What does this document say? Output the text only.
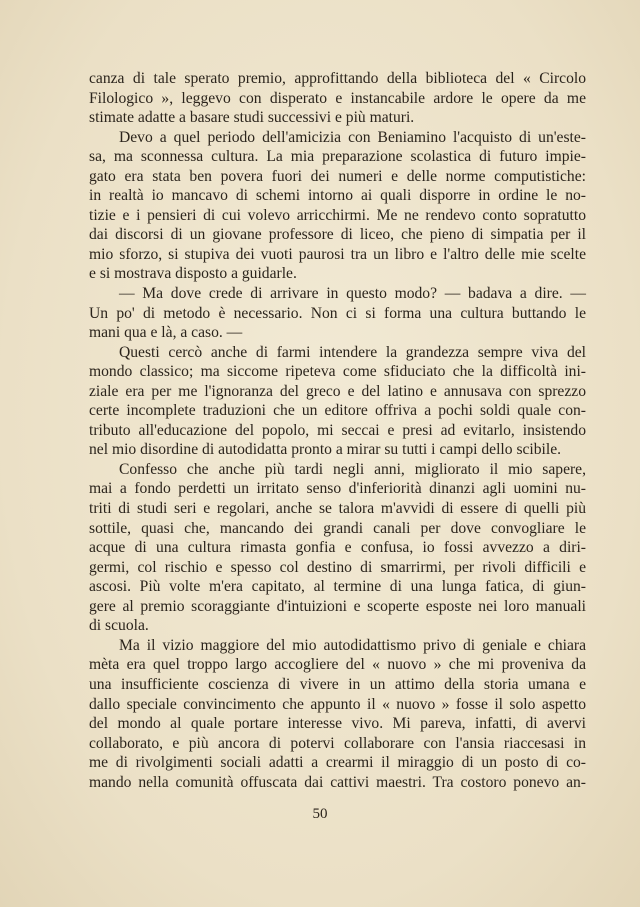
canza di tale sperato premio, approfittando della biblioteca del « Circolo
Filologico », leggevo con disperato e instancabile ardore le opere da me
stimate adatte a basare studi successivi e più maturi.
Devo a quel periodo dell'amicizia con Beniamino l'acquisto di un'este-
sa, ma sconnessa cultura. La mia preparazione scolastica di futuro impie-
gato era stata ben povera fuori dei numeri e delle norme computistiche:
in realtà io mancavo di schemi intorno ai quali disporre in ordine le no-
tizie e i pensieri di cui volevo arricchirmi. Me ne rendevo conto sopratutto
dai discorsi di un giovane professore di liceo, che pieno di simpatia per il
mio sforzo, si stupiva dei vuoti paurosi tra un libro e l'altro delle mie scelte
e si mostrava disposto a guidarle.
— Ma dove crede di arrivare in questo modo? — badava a dire. —
Un po' di metodo è necessario. Non ci si forma una cultura buttando le
mani qua e là, a caso. —
Questi cercò anche di farmi intendere la grandezza sempre viva del
mondo classico; ma siccome ripeteva come sfiduciato che la difficoltà ini-
ziale era per me l'ignoranza del greco e del latino e annusava con sprezzo
certe incomplete traduzioni che un editore offriva a pochi soldi quale con-
tributo all'educazione del popolo, mi seccai e presi ad evitarlo, insistendo
nel mio disordine di autodidatta pronto a mirar su tutti i campi dello scibile.
Confesso che anche più tardi negli anni, migliorato il mio sapere,
mai a fondo perdetti un irritato senso d'inferiorità dinanzi agli uomini nu-
triti di studi seri e regolari, anche se talora m'avvidi di essere di quelli più
sottile, quasi che, mancando dei grandi canali per dove convogliare le
acque di una cultura rimasta gonfia e confusa, io fossi avvezzo a diri-
germi, col rischio e spesso col destino di smarrirmi, per rivoli difficili e
ascosi. Più volte m'era capitato, al termine di una lunga fatica, di giun-
gere al premio scoraggiante d'intuizioni e scoperte esposte nei loro manuali
di scuola.
Ma il vizio maggiore del mio autodidattismo privo di geniale e chiara
mèta era quel troppo largo accogliere del « nuovo » che mi proveniva da
una insufficiente coscienza di vivere in un attimo della storia umana e
dallo speciale convincimento che appunto il « nuovo » fosse il solo aspetto
del mondo al quale portare interesse vivo. Mi pareva, infatti, di avervi
collaborato, e più ancora di potervi collaborare con l'ansia riaccesasi in
me di rivolgimenti sociali adatti a crearmi il miraggio di un posto di co-
mando nella comunità offuscata dai cattivi maestri. Tra costoro ponevo an-
50
